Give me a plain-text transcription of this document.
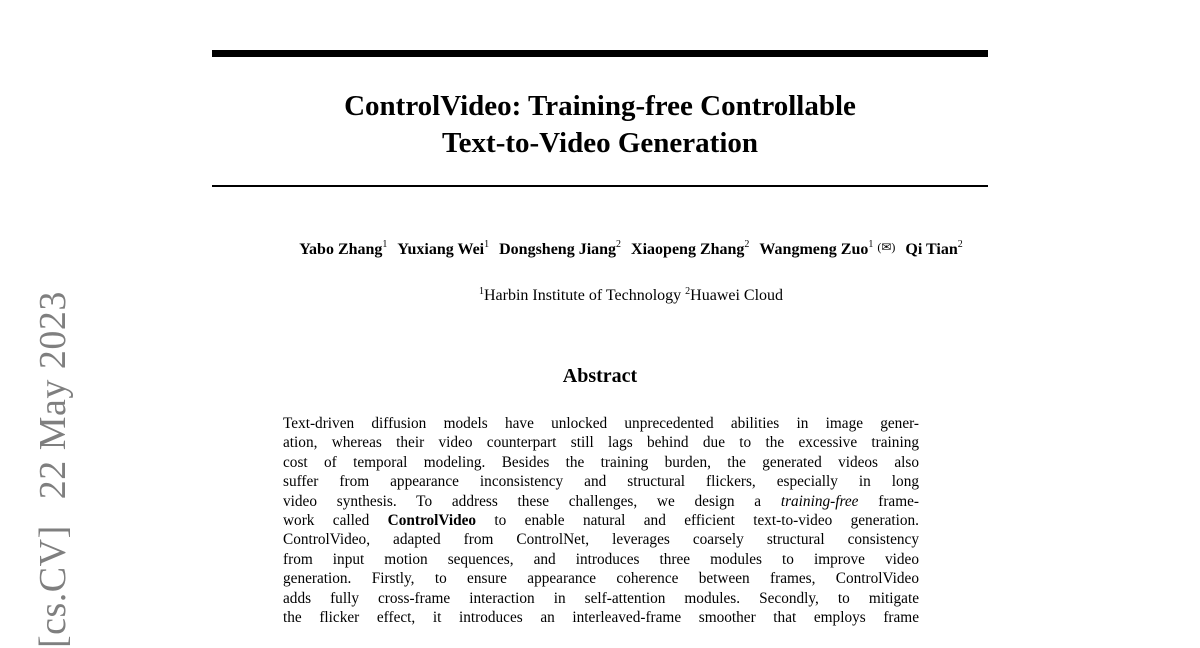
[cs.CV]22 May 2023
ControlVideo: Training-free Controllable
Text-to-Video Generation
Yabo Zhang$^1$ Yuxiang Wei$^1$ Dongsheng Jiang$^2$ Xiaopeng Zhang$^2$ Wangmeng Zuo$^1$ (✉) Qi Tian$^2$
$^1$Harbin Institute of Technology $^2$Huawei Cloud
Abstract
Text-driven diffusion models have unlocked unprecedented abilities in image gener-
ation, whereas their video counterpart still lags behind due to the excessive training
cost of temporal modeling. Besides the training burden, the generated videos also
suffer from appearance inconsistency and structural flickers, especially in long
video synthesis. To address these challenges, we design a training-free frame-
work called ControlVideo to enable natural and efficient text-to-video generation.
ControlVideo, adapted from ControlNet, leverages coarsely structural consistency
from input motion sequences, and introduces three modules to improve video
generation. Firstly, to ensure appearance coherence between frames, ControlVideo
adds fully cross-frame interaction in self-attention modules. Secondly, to mitigate
the flicker effect, it introduces an interleaved-frame smoother that employs frame
